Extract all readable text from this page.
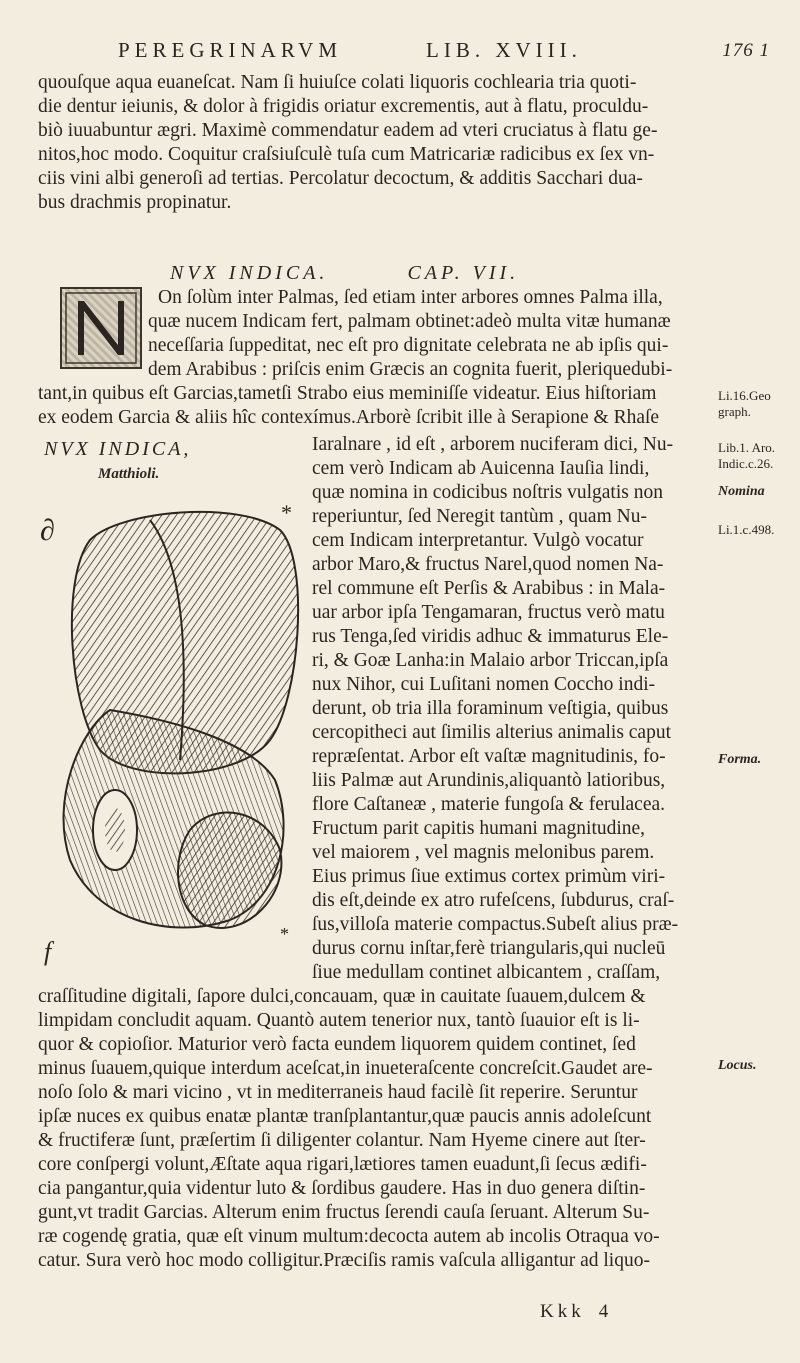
PEREGRINARVM	LIB. XVIII.	176 1
quouſque aqua euaneſcat. Nam ſi huiuſce colati liquoris cochlearia tria quoti-
die dentur ieiunis, & dolor à frigidis oriatur excrementis, aut à flatu, proculdu-
biò iuuabuntur ægri. Maximè commendatur eadem ad vteri cruciatus à flatu ge-
nitos,hoc modo. Coquitur craſsiuſculè tuſa cum Matricariæ radicibus ex ſex vn-
ciis vini albi generoſi ad tertias. Percolatur decoctum, & additis Sacchari dua-
bus drachmis propinatur.
NVX INDICA.	CAP. VII.
On ſolùm inter Palmas, ſed etiam inter arbores omnes Palma illa,
quæ nucem Indicam fert, palmam obtinet:adeò multa vitæ humanæ
neceſſaria ſuppeditat, nec eſt pro dignitate celebrata ne ab ipſis qui-
dem Arabibus : priſcis enim Græcis an cognita fuerit, pleriquedubi-
tant,in quibus eſt Garcias,tametſi Strabo eius meminiſſe videatur. Eius hiſtoriam
ex eodem Garcia & aliis hîc contexímus.Arborè ſcribit ille à Serapione & Rhaſe
NVX INDICA,
Matthioli.
∂
*
f
*
Iaralnare , id eſt , arborem nuciferam dici, Nu-
cem verò Indicam ab Auicenna Iauſia lindi,
quæ nomina in codicibus noſtris vulgatis non
reperiuntur, ſed Neregit tantùm , quam Nu-
cem Indicam interpretantur. Vulgò vocatur
arbor Maro,& fructus Narel,quod nomen Na-
rel commune eſt Perſis & Arabibus : in Mala-
uar arbor ipſa Tengamaran, fructus verò matu
rus Tenga,ſed viridis adhuc & immaturus Ele-
ri, & Goæ Lanha:in Malaio arbor Triccan,ipſa
nux Nihor, cui Luſitani nomen Coccho indi-
derunt, ob tria illa foraminum veſtigia, quibus
cercopitheci aut ſimilis alterius animalis caput
repræſentat. Arbor eſt vaſtæ magnitudinis, fo-
liis Palmæ aut Arundinis,aliquantò latioribus,
flore Caſtaneæ , materie fungoſa & ferulacea.
Fructum parit capitis humani magnitudine,
vel maiorem , vel magnis melonibus parem.
Eius primus ſiue extimus cortex primùm viri-
dis eſt,deinde ex atro rufeſcens, ſubdurus, craſ-
ſus,villoſa materie compactus.Subeſt alius præ-
durus cornu inſtar,ferè triangularis,qui nucleū
ſiue medullam continet albicantem , craſſam,
craſſitudine digitali, ſapore dulci,concauam, quæ in cauitate ſuauem,dulcem &
limpidam concludit aquam. Quantò autem tenerior nux, tantò ſuauior eſt is li-
quor & copioſior. Maturior verò facta eundem liquorem quidem continet, ſed
minus ſuauem,quique interdum aceſcat,in inueteraſcente concreſcit.Gaudet are-
noſo ſolo & mari vicino , vt in mediterraneis haud facilè ſit reperire. Seruntur
ipſæ nuces ex quibus enatæ plantæ tranſplantantur,quæ paucis annis adoleſcunt
& fructiferæ ſunt, præſertim ſi diligenter colantur. Nam Hyeme cinere aut ſter-
core conſpergi volunt,Æſtate aqua rigari,lætiores tamen euadunt,ſi ſecus ædifi-
cia pangantur,quia videntur luto & ſordibus gaudere. Has in duo genera diſtin-
gunt,vt tradit Garcias. Alterum enim fructus ſerendi cauſa ſeruant. Alterum Su-
ræ cogendę gratia, quæ eſt vinum multum:decocta autem ab incolis Otraqua vo-
catur. Sura verò hoc modo colligitur.Præciſis ramis vaſcula alligantur ad liquo-
Kkk 4
Li.16.Geo
graph.
Lib.1. Aro.
Indic.c.26.
Nomina
Li.1.c.498.
Forma.
Locus.
